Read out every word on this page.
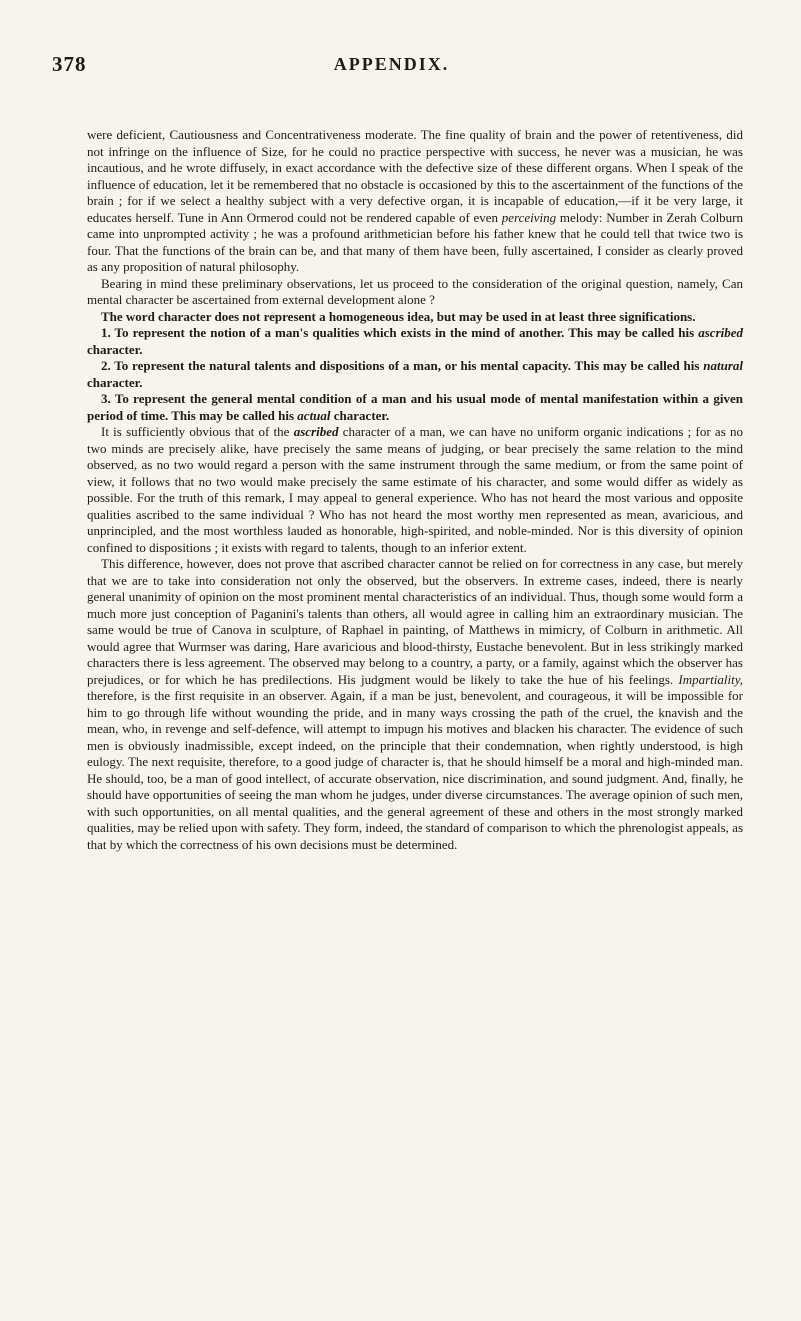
378	APPENDIX.

were deficient, Cautiousness and Concentrativeness moderate. The fine quality of brain and the power of retentiveness, did not infringe on the influence of Size, for he could no practice perspective with success, he never was a musician, he was incautious, and he wrote diffusely, in exact accordance with the defective size of these different organs. When I speak of the influence of education, let it be remembered that no obstacle is occasioned by this to the ascertainment of the functions of the brain ; for if we select a healthy subject with a very defective organ, it is incapable of education,—if it be very large, it educates herself. Tune in Ann Ormerod could not be rendered capable of even perceiving melody: Number in Zerah Colburn came into unprompted activity ; he was a profound arithmetician before his father knew that he could tell that twice two is four. That the functions of the brain can be, and that many of them have been, fully ascertained, I consider as clearly proved as any proposition of natural philosophy.

Bearing in mind these preliminary observations, let us proceed to the consideration of the original question, namely, Can mental character be ascertained from external development alone ?

The word character does not represent a homogeneous idea, but may be used in at least three significations.

1. To represent the notion of a man's qualities which exists in the mind of another. This may be called his ascribed character.

2. To represent the natural talents and dispositions of a man, or his mental capacity. This may be called his natural character.

3. To represent the general mental condition of a man and his usual mode of mental manifestation within a given period of time. This may be called his actual character.

It is sufficiently obvious that of the ascribed character of a man, we can have no uniform organic indications ; for as no two minds are precisely alike, have precisely the same means of judging, or bear precisely the same relation to the mind observed, as no two would regard a person with the same instrument through the same medium, or from the same point of view, it follows that no two would make precisely the same estimate of his character, and some would differ as widely as possible. For the truth of this remark, I may appeal to general experience. Who has not heard the most various and opposite qualities ascribed to the same individual ? Who has not heard the most worthy men represented as mean, avaricious, and unprincipled, and the most worthless lauded as honorable, high-spirited, and noble-minded. Nor is this diversity of opinion confined to dispositions ; it exists with regard to talents, though to an inferior extent.

This difference, however, does not prove that ascribed character cannot be relied on for correctness in any case, but merely that we are to take into consideration not only the observed, but the observers. In extreme cases, indeed, there is nearly general unanimity of opinion on the most prominent mental characteristics of an individual. Thus, though some would form a much more just conception of Paganini's talents than others, all would agree in calling him an extraordinary musician. The same would be true of Canova in sculpture, of Raphael in painting, of Matthews in mimicry, of Colburn in arithmetic. All would agree that Wurmser was daring, Hare avaricious and blood-thirsty, Eustache benevolent. But in less strikingly marked characters there is less agreement. The observed may belong to a country, a party, or a family, against which the observer has prejudices, or for which he has predilections. His judgment would be likely to take the hue of his feelings. Impartiality, therefore, is the first requisite in an observer. Again, if a man be just, benevolent, and courageous, it will be impossible for him to go through life without wounding the pride, and in many ways crossing the path of the cruel, the knavish and the mean, who, in revenge and self-defence, will attempt to impugn his motives and blacken his character. The evidence of such men is obviously inadmissible, except indeed, on the principle that their condemnation, when rightly understood, is high eulogy. The next requisite, therefore, to a good judge of character is, that he should himself be a moral and high-minded man. He should, too, be a man of good intellect, of accurate observation, nice discrimination, and sound judgment. And, finally, he should have opportunities of seeing the man whom he judges, under diverse circumstances. The average opinion of such men, with such opportunities, on all mental qualities, and the general agreement of these and others in the most strongly marked qualities, may be relied upon with safety. They form, indeed, the standard of comparison to which the phrenologist appeals, as that by which the correctness of his own decisions must be determined.
